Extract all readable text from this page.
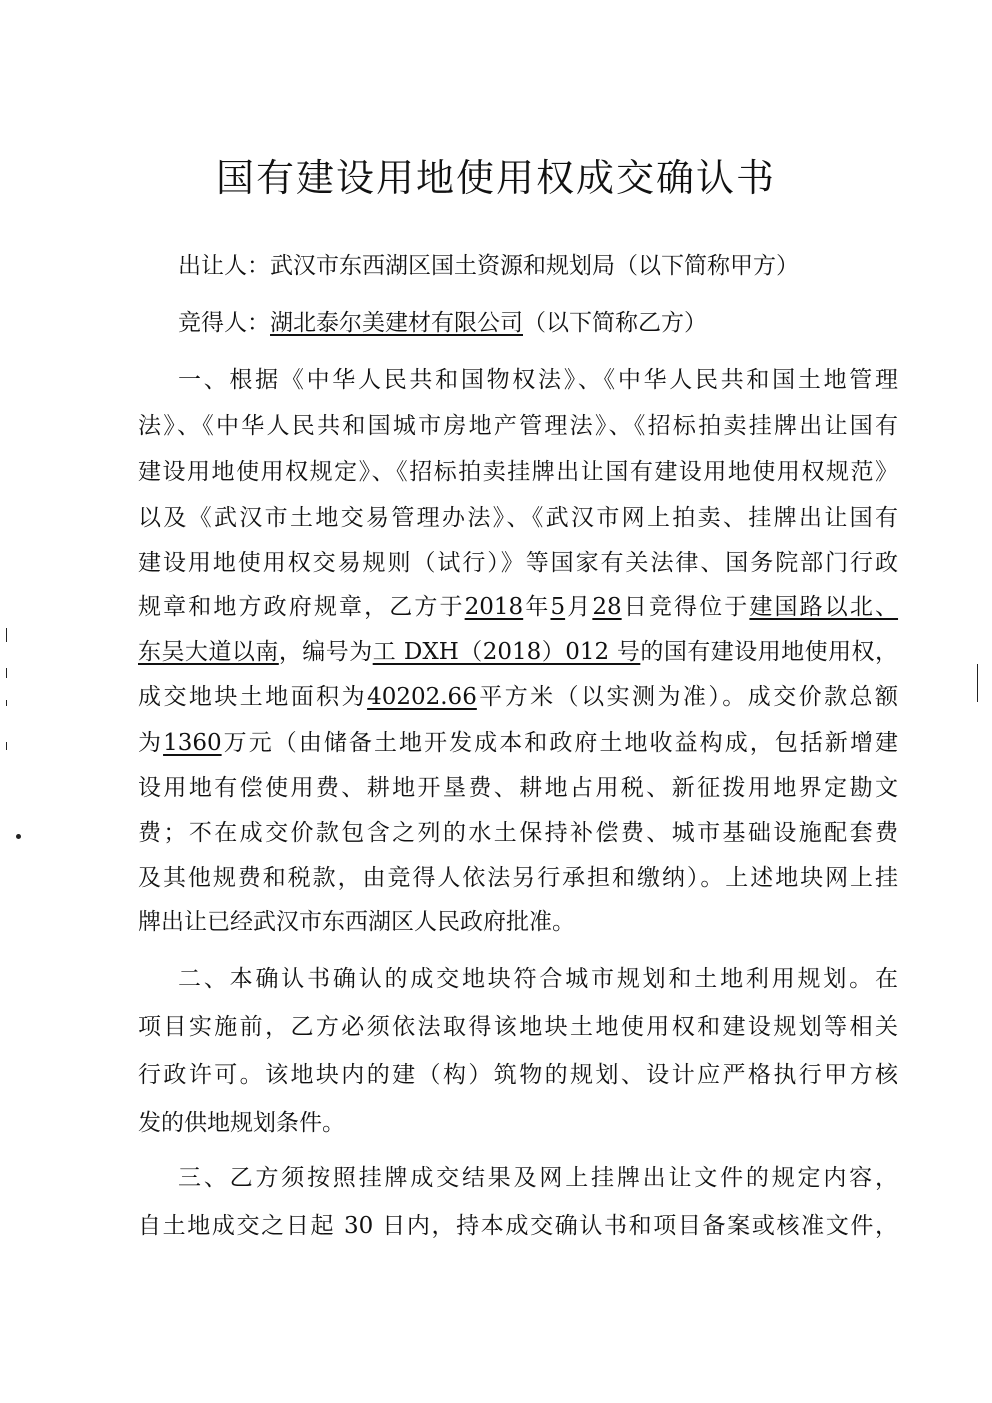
国有建设用地使用权成交确认书

出让人：武汉市东西湖区国土资源和规划局（以下简称甲方）

竞得人：湖北泰尔美建材有限公司（以下简称乙方）

一、根据《中华人民共和国物权法》、《中华人民共和国土地管理

法》、《中华人民共和国城市房地产管理法》、《招标拍卖挂牌出让国有

建设用地使用权规定》、《招标拍卖挂牌出让国有建设用地使用权规范》

以及《武汉市土地交易管理办法》、《武汉市网上拍卖、挂牌出让国有

建设用地使用权交易规则（试行）》等国家有关法律、国务院部门行政

规章和地方政府规章，乙方于2018年5月28日竞得位于建国路以北、

东吴大道以南，编号为工 DXH（2018）012 号的国有建设用地使用权，

成交地块土地面积为40202.66平方米（以实测为准）。成交价款总额

为1360万元（由储备土地开发成本和政府土地收益构成，包括新增建

设用地有偿使用费、耕地开垦费、耕地占用税、新征拨用地界定勘文

费；不在成交价款包含之列的水土保持补偿费、城市基础设施配套费

及其他规费和税款，由竞得人依法另行承担和缴纳）。上述地块网上挂

牌出让已经武汉市东西湖区人民政府批准。

二、本确认书确认的成交地块符合城市规划和土地利用规划。在

项目实施前，乙方必须依法取得该地块土地使用权和建设规划等相关

行政许可。该地块内的建（构）筑物的规划、设计应严格执行甲方核

发的供地规划条件。

三、乙方须按照挂牌成交结果及网上挂牌出让文件的规定内容，

自土地成交之日起 30 日内，持本成交确认书和项目备案或核准文件，
